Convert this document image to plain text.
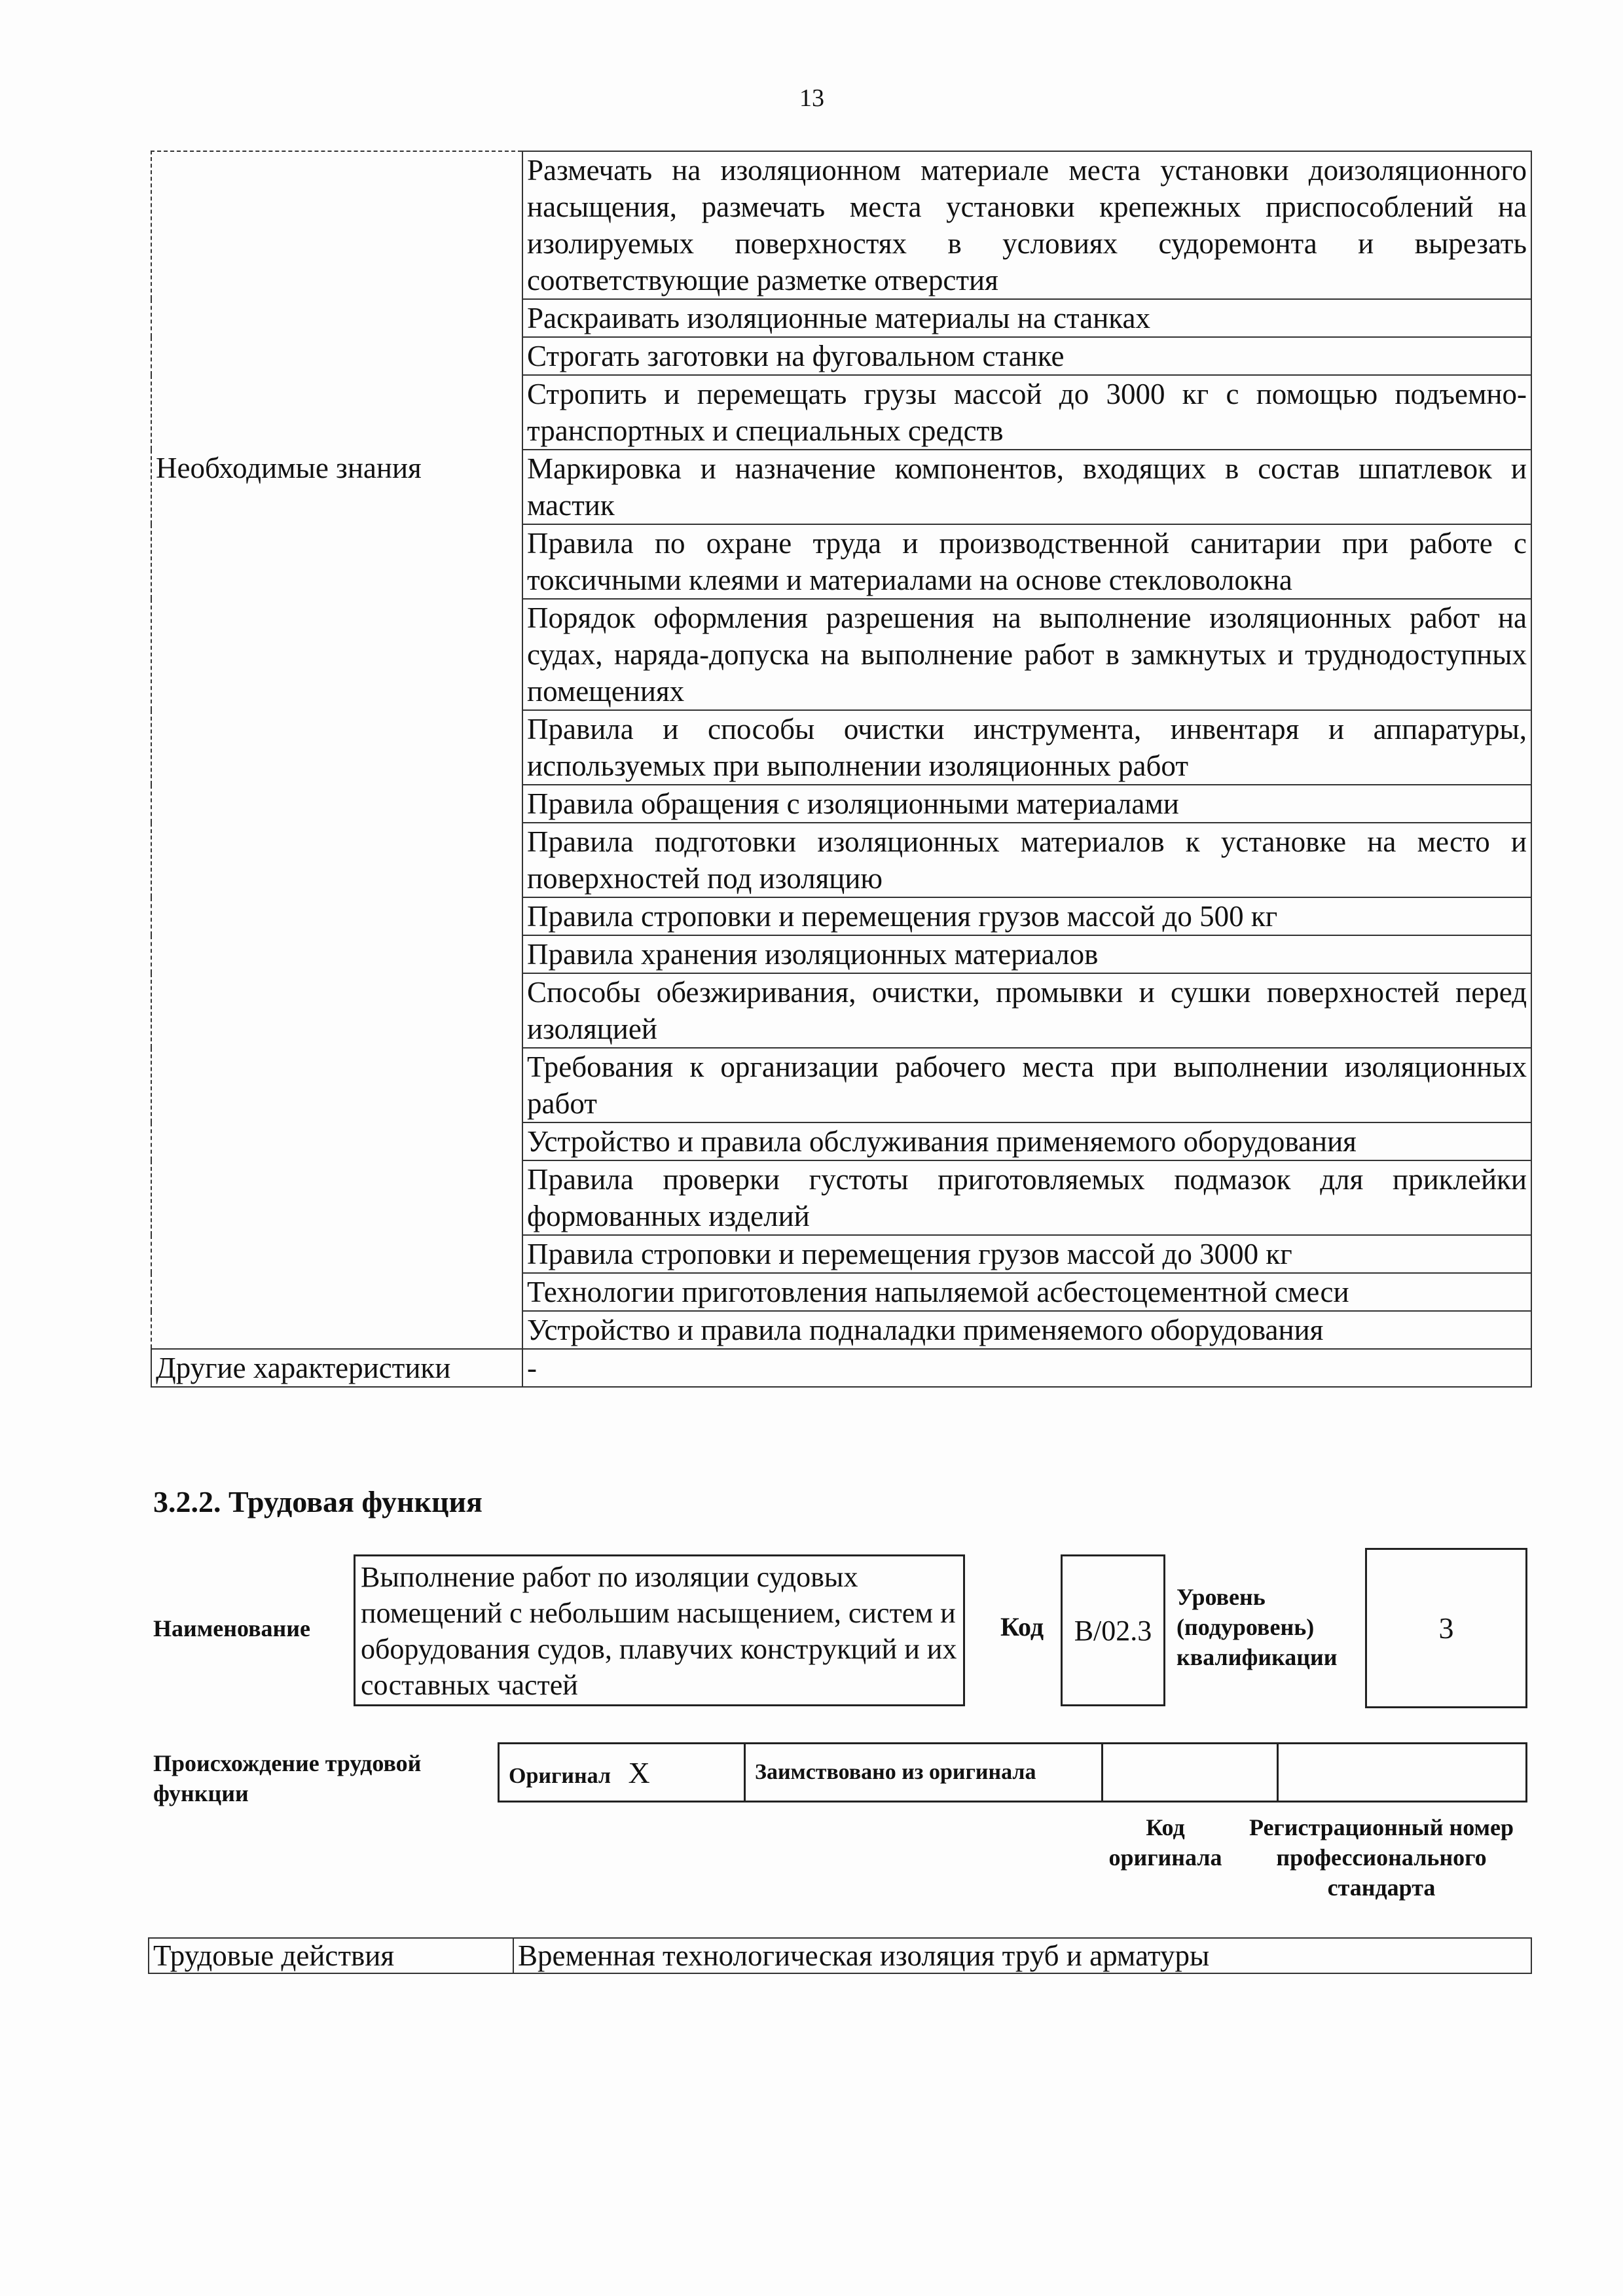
13
	Размечать на изоляционном материале места установки доизоляционного насыщения, размечать места установки крепежных приспособлений на изолируемых поверхностях в условиях судоремонта и вырезать соответствующие разметке отверстия
	Раскраивать изоляционные материалы на станках
	Строгать заготовки на фуговальном станке
	Стропить и перемещать грузы массой до 3000 кг с помощью подъемно-транспортных и специальных средств
Необходимые знания	Маркировка и назначение компонентов, входящих в состав шпатлевок и мастик
	Правила по охране труда и производственной санитарии при работе с токсичными клеями и материалами на основе стекловолокна
	Порядок оформления разрешения на выполнение изоляционных работ на судах, наряда-допуска на выполнение работ в замкнутых и труднодоступных помещениях
	Правила и способы очистки инструмента, инвентаря и аппаратуры, используемых при выполнении изоляционных работ
	Правила обращения с изоляционными материалами
	Правила подготовки изоляционных материалов к установке на место и поверхностей под изоляцию
	Правила строповки и перемещения грузов массой до 500 кг
	Правила хранения изоляционных материалов
	Способы обезжиривания, очистки, промывки и сушки поверхностей перед изоляцией
	Требования к организации рабочего места при выполнении изоляционных работ
	Устройство и правила обслуживания применяемого оборудования
	Правила проверки густоты приготовляемых подмазок для приклейки формованных изделий
	Правила строповки и перемещения грузов массой до 3000 кг
	Технологии приготовления напыляемой асбестоцементной смеси
	Устройство и правила подналадки применяемого оборудования
Другие характеристики	-
3.2.2. Трудовая функция
Наименование
Выполнение работ по изоляции судовых помещений с небольшим насыщением, систем и оборудования судов, плавучих конструкций и их составных частей
Код	B/02.3
Уровень
(подуровень)
квалификации
3
Происхождение трудовой
функции
Оригинал X	Заимствовано из оригинала		
Код
оригинала
Регистрационный номер
профессионального
стандарта
Трудовые действия	Временная технологическая изоляция труб и арматуры
